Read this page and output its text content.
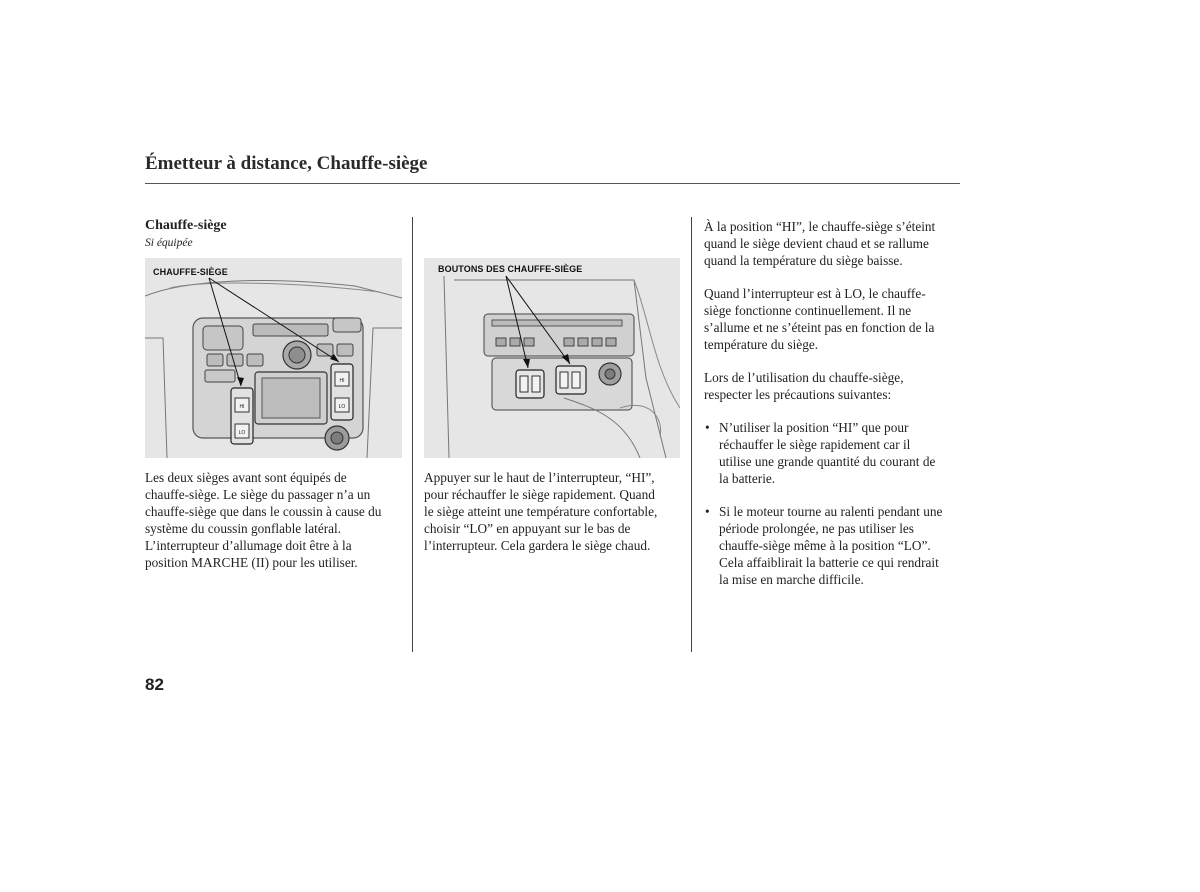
Émetteur à distance, Chauffe-siège
Chauffe-siège
Si équipée
HI
LO
HI
LO
CHAUFFE-SIÈGE	BOUTONS DES CHAUFFE-SIÈGE
Les deux sièges avant sont équipés de
chauffe-siège. Le siège du passager n’a un
chauffe-siège que dans le coussin à cause du
système du coussin gonflable latéral.
L’interrupteur d’allumage doit être à la
position MARCHE (II) pour les utiliser.
Appuyer sur le haut de l’interrupteur, “HI”,
pour réchauffer le siège rapidement. Quand
le siège atteint une température confortable,
choisir “LO” en appuyant sur le bas de
l’interrupteur. Cela gardera le siège chaud.
À la position “HI”, le chauffe-siège s’éteint
quand le siège devient chaud et se rallume
quand la température du siège baisse.
Quand l’interrupteur est à LO, le chauffe-
siège fonctionne continuellement. Il ne
s’allume et ne s’éteint pas en fonction de la
température du siège.
Lors de l’utilisation du chauffe-siège,
respecter les précautions suivantes:
• N’utiliser la position “HI” que pour
réchauffer le siège rapidement car il
utilise une grande quantité du courant de
la batterie.
• Si le moteur tourne au ralenti pendant une
période prolongée, ne pas utiliser les
chauffe-siège même à la position “LO”.
Cela affaiblirait la batterie ce qui rendrait
la mise en marche difficile.
82
